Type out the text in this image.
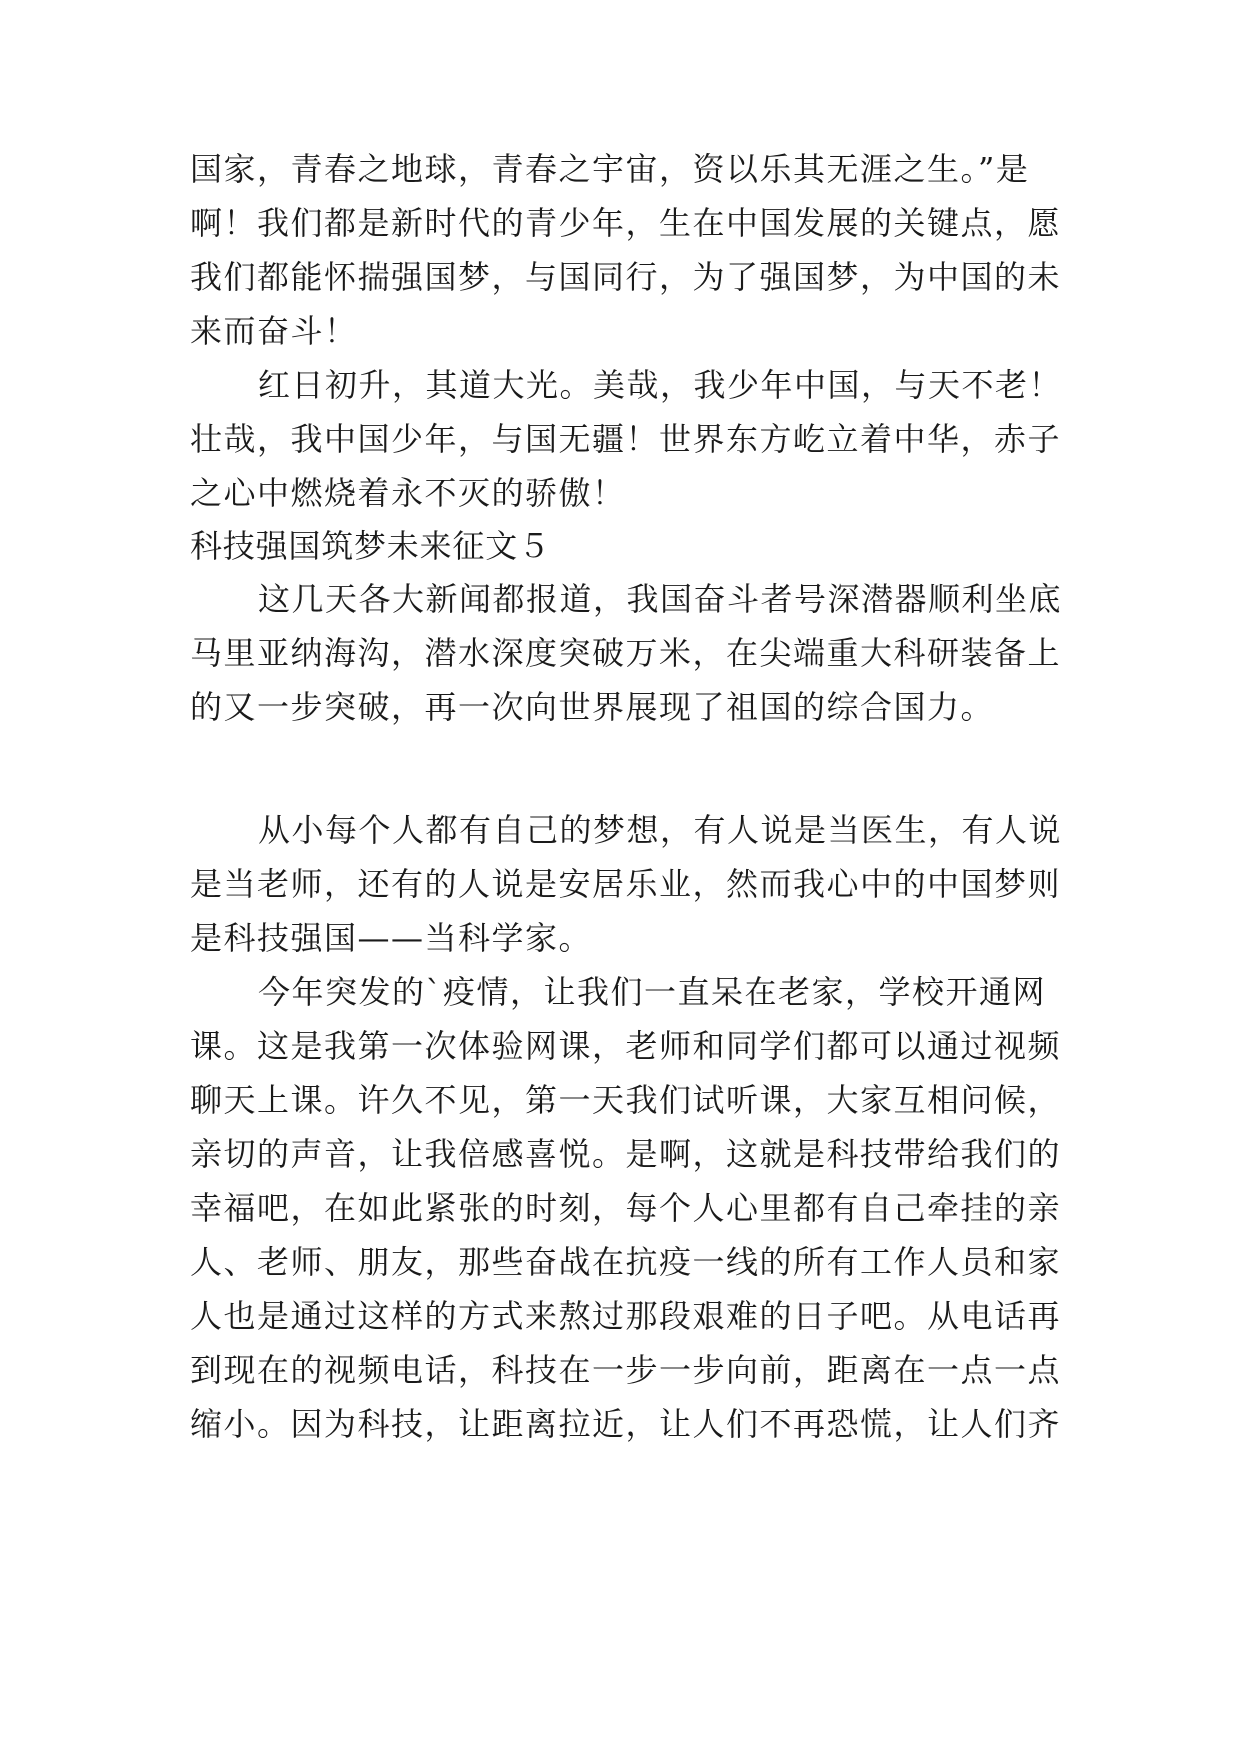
国家，青春之地球，青春之宇宙，资以乐其无涯之生。”是

啊！我们都是新时代的青少年，生在中国发展的关键点，愿

我们都能怀揣强国梦，与国同行，为了强国梦，为中国的未

来而奋斗！

红日初升，其道大光。美哉，我少年中国，与天不老！

壮哉，我中国少年，与国无疆！世界东方屹立着中华，赤子

之心中燃烧着永不灭的骄傲！

科技强国筑梦未来征文５

这几天各大新闻都报道，我国奋斗者号深潜器顺利坐底

马里亚纳海沟，潜水深度突破万米，在尖端重大科研装备上

的又一步突破，再一次向世界展现了祖国的综合国力。

从小每个人都有自己的梦想，有人说是当医生，有人说

是当老师，还有的人说是安居乐业，然而我心中的中国梦则

是科技强国——当科学家。

今年突发的`疫情，让我们一直呆在老家，学校开通网

课。这是我第一次体验网课，老师和同学们都可以通过视频

聊天上课。许久不见，第一天我们试听课，大家互相问候，

亲切的声音，让我倍感喜悦。是啊，这就是科技带给我们的

幸福吧，在如此紧张的时刻，每个人心里都有自己牵挂的亲

人、老师、朋友，那些奋战在抗疫一线的所有工作人员和家

人也是通过这样的方式来熬过那段艰难的日子吧。从电话再

到现在的视频电话，科技在一步一步向前，距离在一点一点

缩小。因为科技，让距离拉近，让人们不再恐慌，让人们齐
